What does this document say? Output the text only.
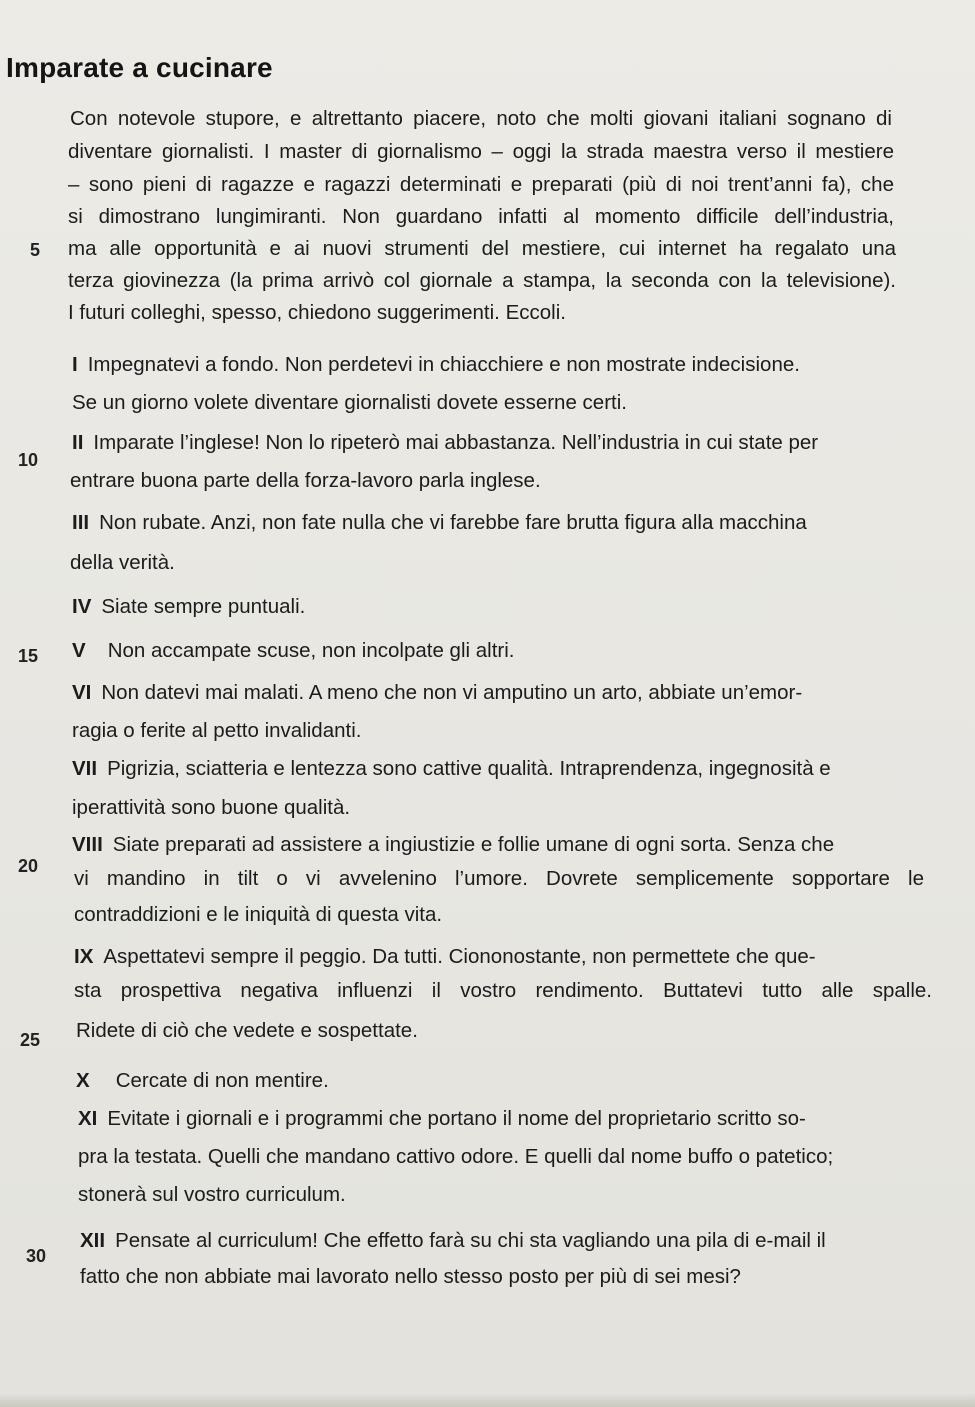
Imparate a cucinare
Con notevole stupore, e altrettanto piacere, noto che molti giovani italiani sognano di
diventare giornalisti. I master di giornalismo – oggi la strada maestra verso il mestiere
– sono pieni di ragazze e ragazzi determinati e preparati (più di noi trent’anni fa), che
si dimostrano lungimiranti. Non guardano infatti al momento difficile dell’industria,
5 ma alle opportunità e ai nuovi strumenti del mestiere, cui internet ha regalato una
terza giovinezza (la prima arrivò col giornale a stampa, la seconda con la televisione).
I futuri colleghi, spesso, chiedono suggerimenti. Eccoli.
I Impegnatevi a fondo. Non perdetevi in chiacchiere e non mostrate indecisione.
Se un giorno volete diventare giornalisti dovete esserne certi.
10
II Imparate l’inglese! Non lo ripeterò mai abbastanza. Nell’industria in cui state per
entrare buona parte della forza-lavoro parla inglese.
III Non rubate. Anzi, non fate nulla che vi farebbe fare brutta figura alla macchina
della verità.
IV Siate sempre puntuali.
15 V Non accampate scuse, non incolpate gli altri.
VI Non datevi mai malati. A meno che non vi amputino un arto, abbiate un’emor-
ragia o ferite al petto invalidanti.
VII Pigrizia, sciatteria e lentezza sono cattive qualità. Intraprendenza, ingegnosità e
iperattività sono buone qualità.
20
VIII Siate preparati ad assistere a ingiustizie e follie umane di ogni sorta. Senza che
vi mandino in tilt o vi avvelenino l’umore. Dovrete semplicemente sopportare le
contraddizioni e le iniquità di questa vita.
IX Aspettatevi sempre il peggio. Da tutti. Ciononostante, non permettete che que-
sta prospettiva negativa influenzi il vostro rendimento. Buttatevi tutto alle spalle.
25 Ridete di ciò che vedete e sospettate.
X Cercate di non mentire.
XI Evitate i giornali e i programmi che portano il nome del proprietario scritto so-
pra la testata. Quelli che mandano cattivo odore. E quelli dal nome buffo o patetico;
stonerà sul vostro curriculum.
30
XII Pensate al curriculum! Che effetto farà su chi sta vagliando una pila di e-mail il
fatto che non abbiate mai lavorato nello stesso posto per più di sei mesi?
